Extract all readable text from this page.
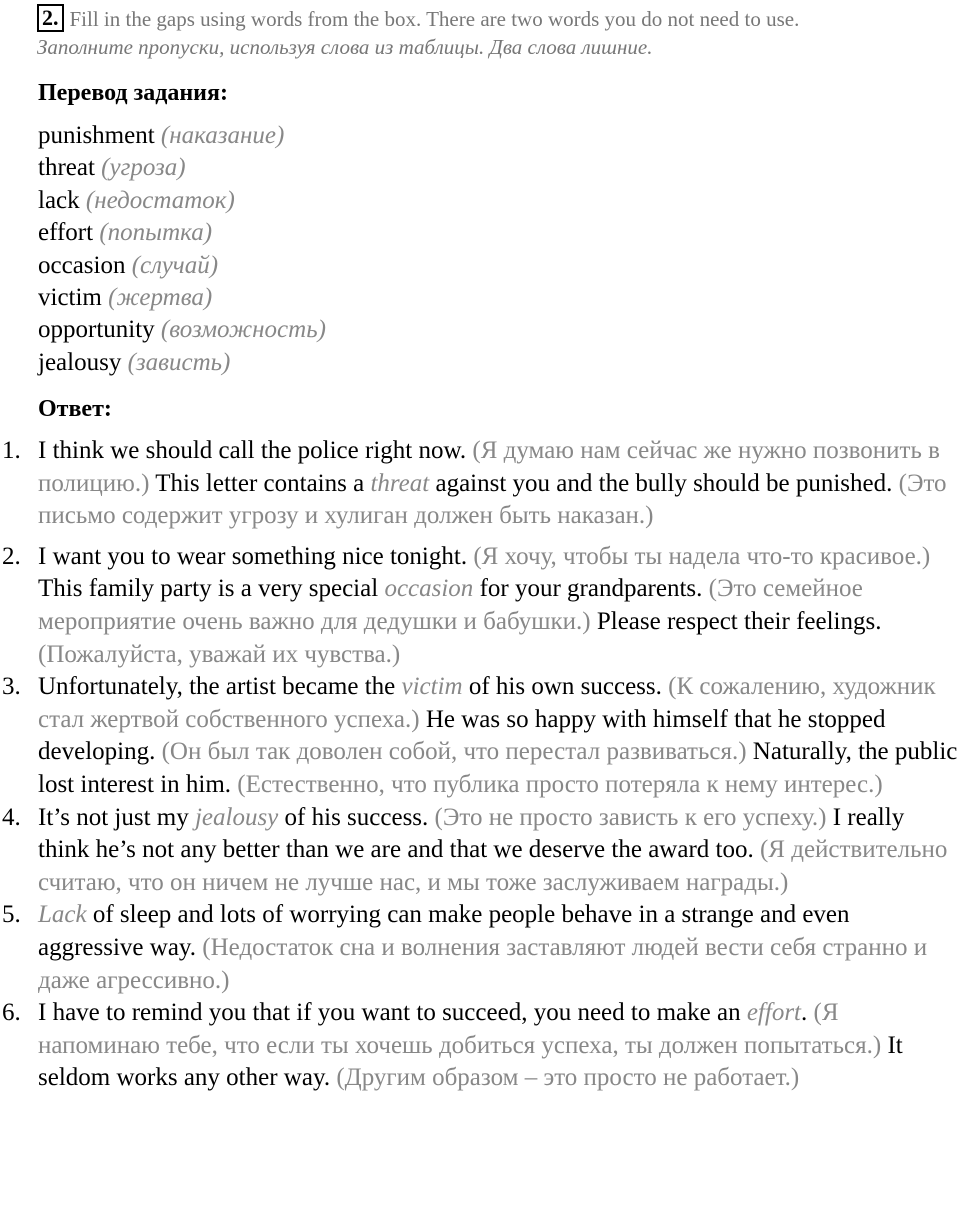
2. Fill in the gaps using words from the box. There are two words you do not need to use.
Заполните пропуски, используя слова из таблицы. Два слова лишние.
Перевод задания:
punishment (наказание)
threat (угроза)
lack (недостаток)
effort (попытка)
occasion (случай)
victim (жертва)
opportunity (возможность)
jealousy (зависть)
Ответ:
1. I think we should call the police right now. (Я думаю нам сейчас же нужно позвонить в полицию.) This letter contains a threat against you and the bully should be punished. (Это письмо содержит угрозу и хулиган должен быть наказан.)
2. I want you to wear something nice tonight. (Я хочу, чтобы ты надела что-то красивое.) This family party is a very special occasion for your grandparents. (Это семейное мероприятие очень важно для дедушки и бабушки.) Please respect their feelings. (Пожалуйста, уважай их чувства.)
3. Unfortunately, the artist became the victim of his own success. (К сожалению, художник стал жертвой собственного успеха.) He was so happy with himself that he stopped developing. (Он был так доволен собой, что перестал развиваться.) Naturally, the public lost interest in him. (Естественно, что публика просто потеряла к нему интерес.)
4. It’s not just my jealousy of his success. (Это не просто зависть к его успеху.) I really think he’s not any better than we are and that we deserve the award too. (Я действительно считаю, что он ничем не лучше нас, и мы тоже заслуживаем награды.)
5. Lack of sleep and lots of worrying can make people behave in a strange and even aggressive way. (Недостаток сна и волнения заставляют людей вести себя странно и даже агрессивно.)
6. I have to remind you that if you want to succeed, you need to make an effort. (Я напоминаю тебе, что если ты хочешь добиться успеха, ты должен попытаться.) It seldom works any other way. (Другим образом – это просто не работает.)
